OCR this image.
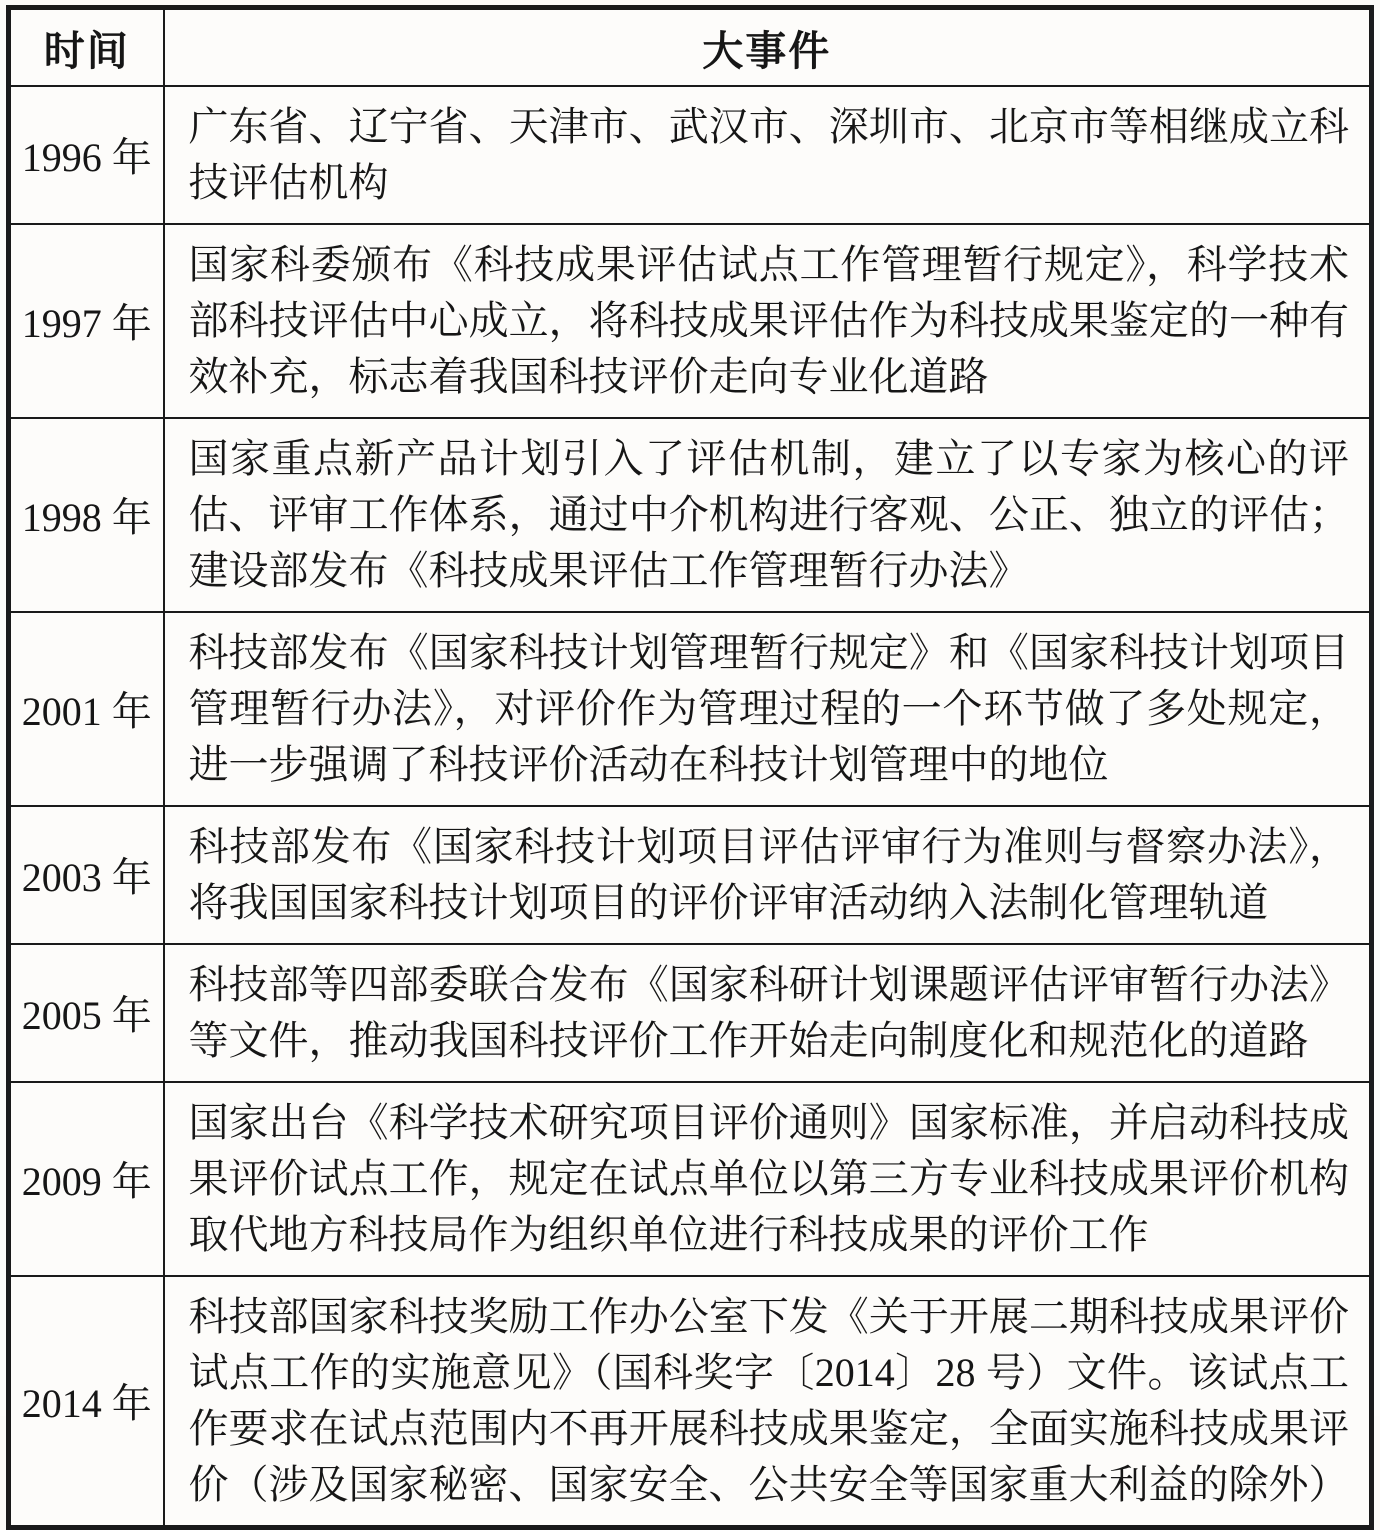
时间	大事件
1996 年	广东省、辽宁省、天津市、武汉市、深圳市、北京市等相继成立科技评估机构
1997 年	国家科委颁布《科技成果评估试点工作管理暂行规定》，科学技术部科技评估中心成立，将科技成果评估作为科技成果鉴定的一种有效补充，标志着我国科技评价走向专业化道路
1998 年	国家重点新产品计划引入了评估机制，建立了以专家为核心的评估、评审工作体系，通过中介机构进行客观、公正、独立的评估；建设部发布《科技成果评估工作管理暂行办法》
2001 年	科技部发布《国家科技计划管理暂行规定》和《国家科技计划项目管理暂行办法》，对评价作为管理过程的一个环节做了多处规定，进一步强调了科技评价活动在科技计划管理中的地位
2003 年	科技部发布《国家科技计划项目评估评审行为准则与督察办法》，将我国国家科技计划项目的评价评审活动纳入法制化管理轨道
2005 年	科技部等四部委联合发布《国家科研计划课题评估评审暂行办法》等文件，推动我国科技评价工作开始走向制度化和规范化的道路
2009 年	国家出台《科学技术研究项目评价通则》国家标准，并启动科技成果评价试点工作，规定在试点单位以第三方专业科技成果评价机构取代地方科技局作为组织单位进行科技成果的评价工作
2014 年	科技部国家科技奖励工作办公室下发《关于开展二期科技成果评价试点工作的实施意见》（国科奖字〔2014〕28 号）文件。该试点工作要求在试点范围内不再开展科技成果鉴定，全面实施科技成果评价（涉及国家秘密、国家安全、公共安全等国家重大利益的除外）
